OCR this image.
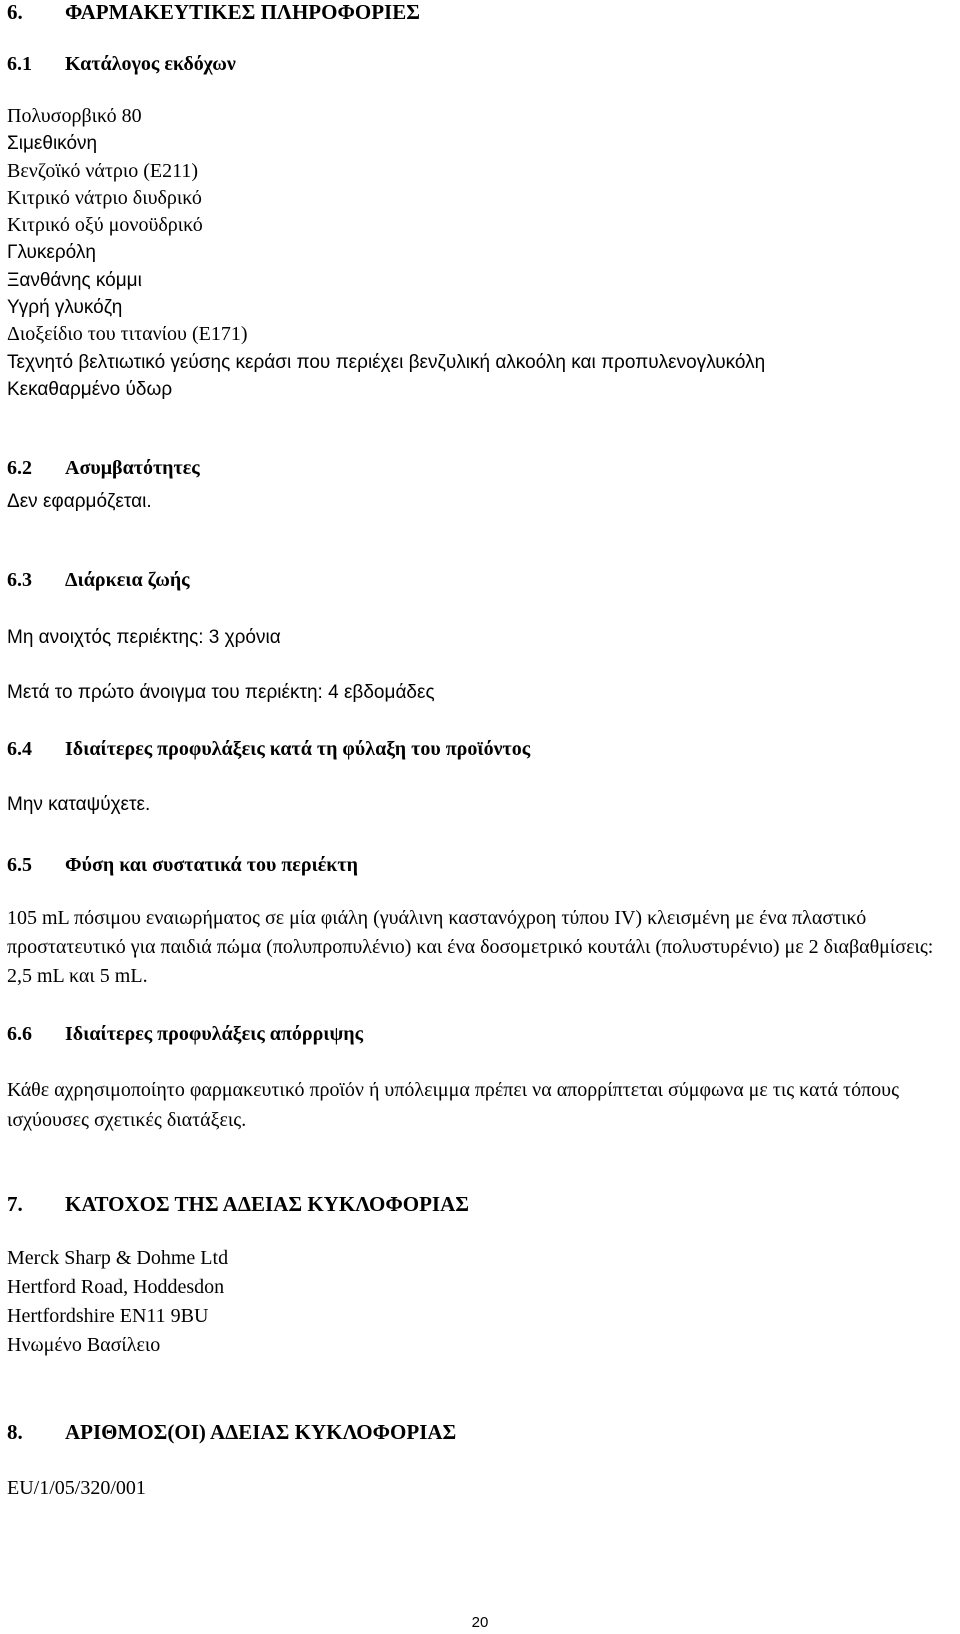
6. ΦΑΡΜΑΚΕΥΤΙΚΕΣ ΠΛΗΡΟΦΟΡΙΕΣ
6.1 Κατάλογος εκδόχων
Πολυσορβικό 80
Σιμεθικόνη
Βενζοϊκό νάτριο (E211)
Κιτρικό νάτριο διυδρικό
Κιτρικό οξύ μονοϋδρικό
Γλυκερόλη
Ξανθάνης κόμμι
Υγρή γλυκόζη
Διοξείδιο του τιτανίου (E171)
Τεχνητό βελτιωτικό γεύσης κεράσι που περιέχει βενζυλική αλκοόλη και προπυλενογλυκόλη
Κεκαθαρμένο ύδωρ
6.2 Ασυμβατότητες
Δεν εφαρμόζεται.
6.3 Διάρκεια ζωής
Μη ανοιχτός περιέκτης: 3 χρόνια
Μετά το πρώτο άνοιγμα του περιέκτη: 4 εβδομάδες
6.4 Ιδιαίτερες προφυλάξεις κατά τη φύλαξη του προϊόντος
Μην καταψύχετε.
6.5 Φύση και συστατικά του περιέκτη
105 mL πόσιμου εναιωρήματος σε μία φιάλη (γυάλινη καστανόχροη τύπου IV) κλεισμένη με ένα πλαστικό προστατευτικό για παιδιά πώμα (πολυπροπυλένιο) και ένα δοσομετρικό κουτάλι (πολυστυρένιο) με 2 διαβαθμίσεις: 2,5 mL και 5 mL.
6.6 Ιδιαίτερες προφυλάξεις απόρριψης
Κάθε αχρησιμοποίητο φαρμακευτικό προϊόν ή υπόλειμμα πρέπει να απορρίπτεται σύμφωνα με τις κατά τόπους ισχύουσες σχετικές διατάξεις.
7. ΚΑΤΟΧΟΣ ΤΗΣ ΑΔΕΙΑΣ ΚΥΚΛΟΦΟΡΙΑΣ
Merck Sharp & Dohme Ltd
Hertford Road, Hoddesdon
Hertfordshire EN11 9BU
Ηνωμένο Βασίλειο
8. ΑΡΙΘΜΟΣ(ΟΙ) ΑΔΕΙΑΣ ΚΥΚΛΟΦΟΡΙΑΣ
EU/1/05/320/001
20
